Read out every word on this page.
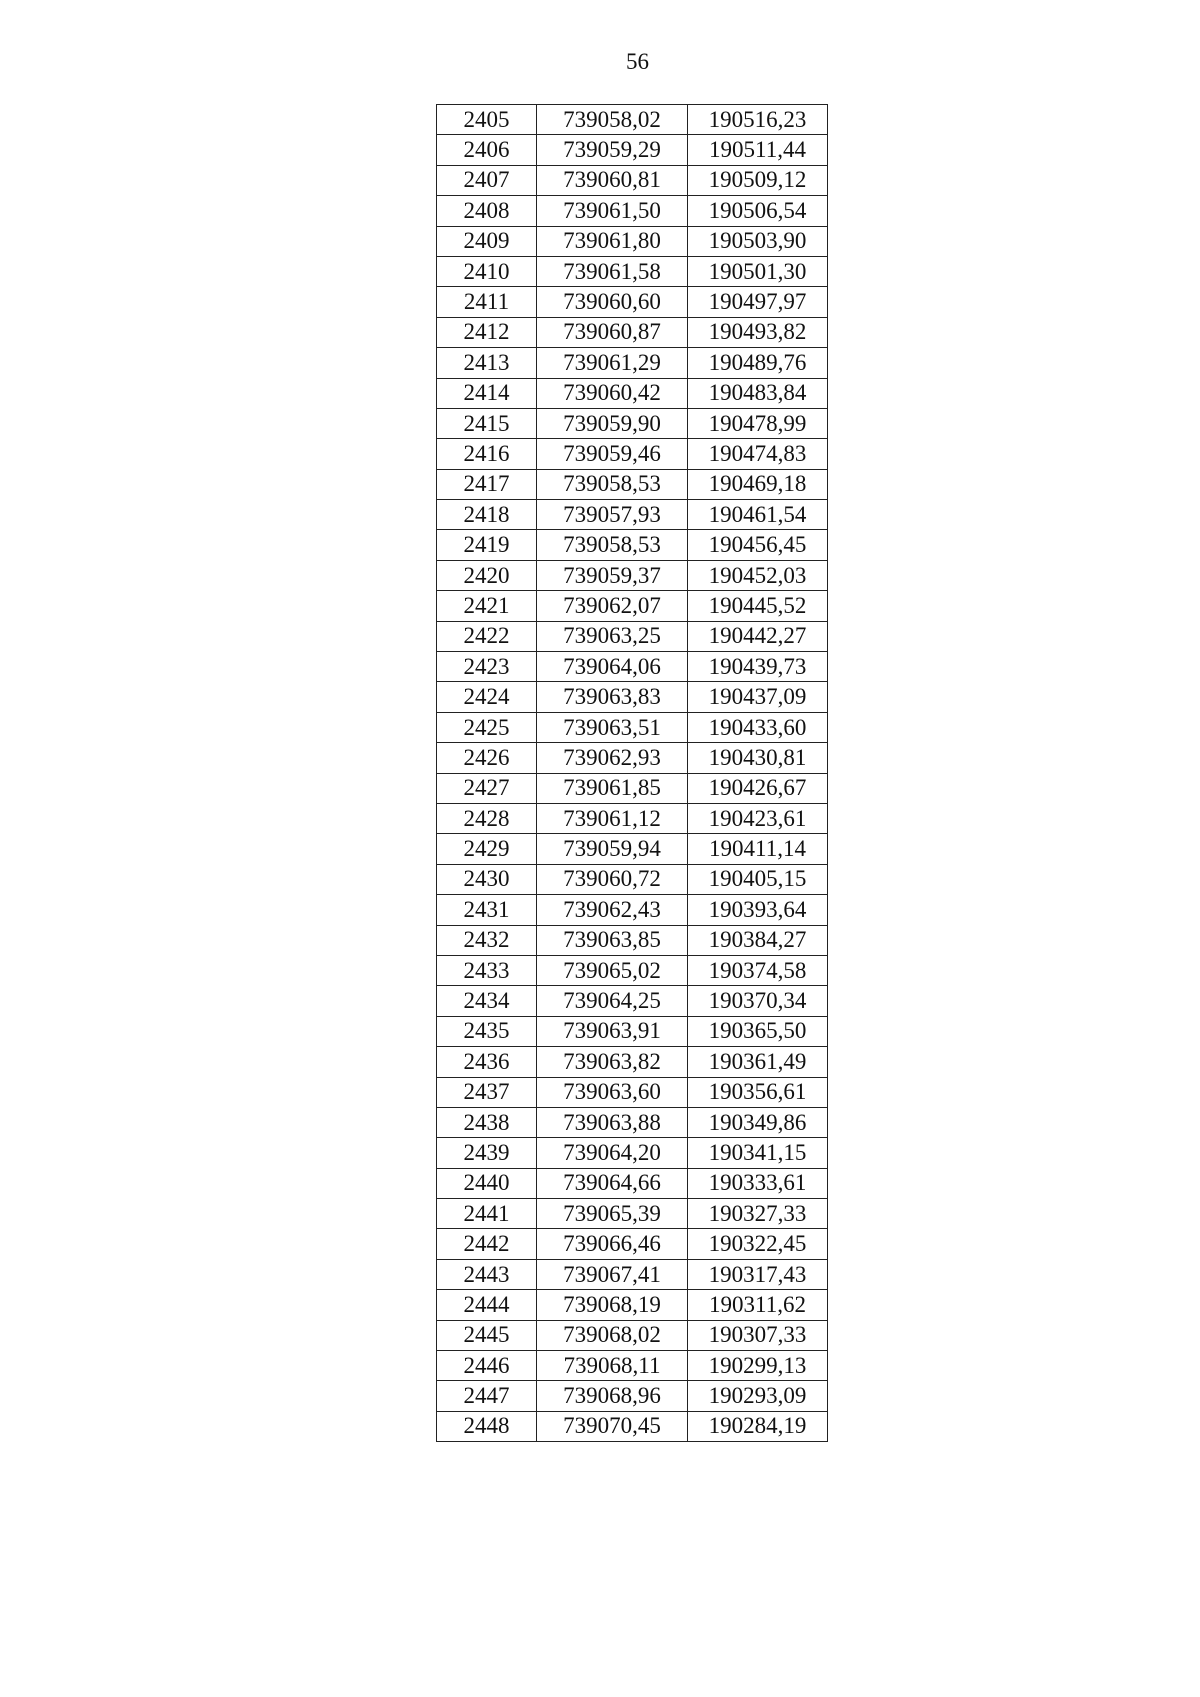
56
2405	739058,02	190516,23
2406	739059,29	190511,44
2407	739060,81	190509,12
2408	739061,50	190506,54
2409	739061,80	190503,90
2410	739061,58	190501,30
2411	739060,60	190497,97
2412	739060,87	190493,82
2413	739061,29	190489,76
2414	739060,42	190483,84
2415	739059,90	190478,99
2416	739059,46	190474,83
2417	739058,53	190469,18
2418	739057,93	190461,54
2419	739058,53	190456,45
2420	739059,37	190452,03
2421	739062,07	190445,52
2422	739063,25	190442,27
2423	739064,06	190439,73
2424	739063,83	190437,09
2425	739063,51	190433,60
2426	739062,93	190430,81
2427	739061,85	190426,67
2428	739061,12	190423,61
2429	739059,94	190411,14
2430	739060,72	190405,15
2431	739062,43	190393,64
2432	739063,85	190384,27
2433	739065,02	190374,58
2434	739064,25	190370,34
2435	739063,91	190365,50
2436	739063,82	190361,49
2437	739063,60	190356,61
2438	739063,88	190349,86
2439	739064,20	190341,15
2440	739064,66	190333,61
2441	739065,39	190327,33
2442	739066,46	190322,45
2443	739067,41	190317,43
2444	739068,19	190311,62
2445	739068,02	190307,33
2446	739068,11	190299,13
2447	739068,96	190293,09
2448	739070,45	190284,19
